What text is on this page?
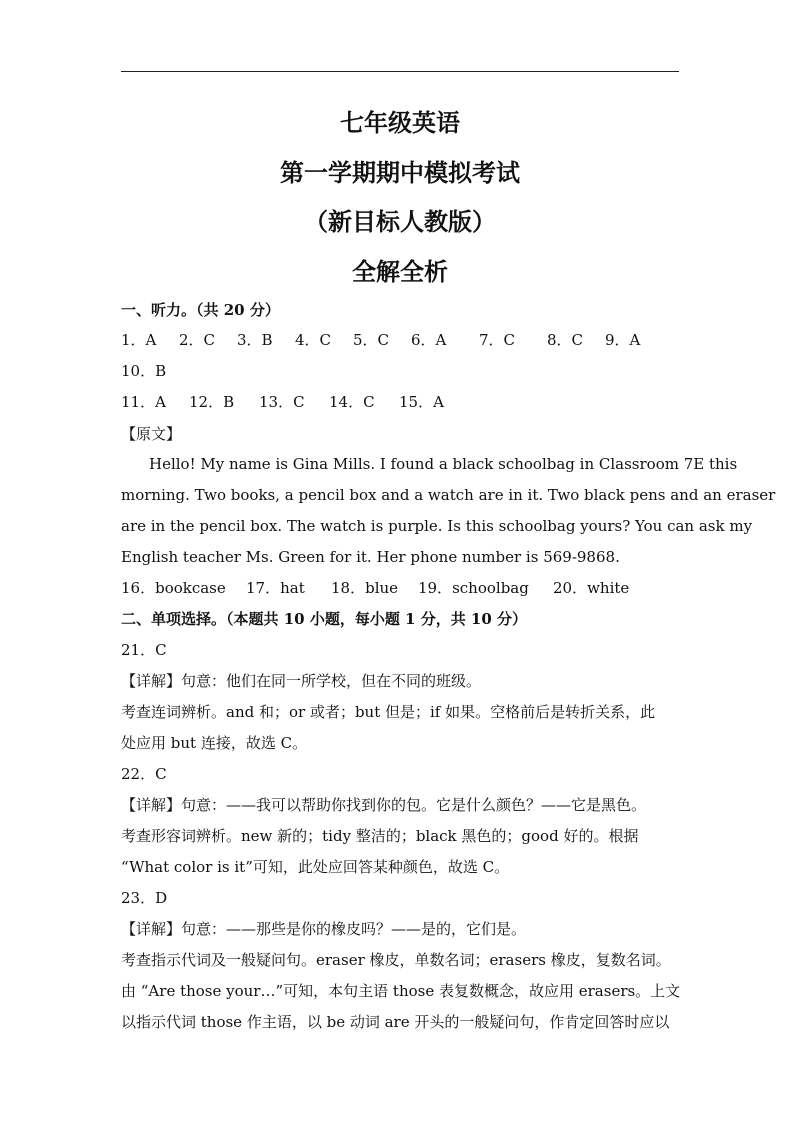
七年级英语
第一学期期中模拟考试
（新目标人教版）
全解全析
一、听力。（共 20 分）
1．A 2．C 3．B 4．C 5．C 6．A 7．C 8．C 9．A
10．B
11．A 12．B 13．C 14．C 15．A
【原文】
Hello! My name is Gina Mills. I found a black schoolbag in Classroom 7E this
morning. Two books, a pencil box and a watch are in it. Two black pens and an eraser
are in the pencil box. The watch is purple. Is this schoolbag yours? You can ask my
English teacher Ms. Green for it. Her phone number is 569-9868.
16．bookcase 17．hat 18．blue 19．schoolbag 20．white
二、单项选择。（本题共 10 小题，每小题 1 分，共 10 分）
21．C
【详解】句意：他们在同一所学校，但在不同的班级。
考查连词辨析。and 和；or 或者；but 但是；if 如果。空格前后是转折关系，此
处应用 but 连接，故选 C。
22．C
【详解】句意：——我可以帮助你找到你的包。它是什么颜色？——它是黑色。
考查形容词辨析。new 新的；tidy 整洁的；black 黑色的；good 好的。根据
“What color is it”可知，此处应回答某种颜色，故选 C。
23．D
【详解】句意：——那些是你的橡皮吗？——是的，它们是。
考查指示代词及一般疑问句。eraser 橡皮，单数名词；erasers 橡皮，复数名词。
由 “Are those your…”可知，本句主语 those 表复数概念，故应用 erasers。上文
以指示代词 those 作主语，以 be 动词 are 开头的一般疑问句，作肯定回答时应以
